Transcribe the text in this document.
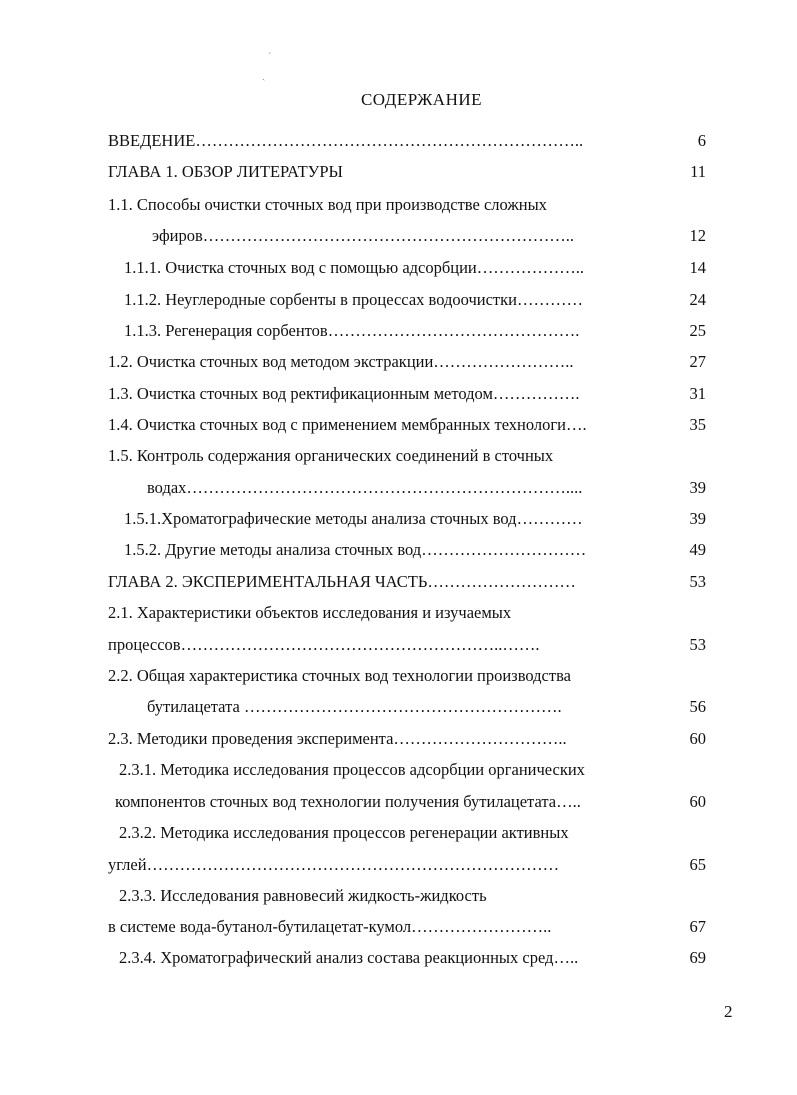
СОДЕРЖАНИЕ
ВВЕДЕНИЕ……………………………………………………………..	6
ГЛАВА 1. ОБЗОР ЛИТЕРАТУРЫ	11
1.1. Способы очистки сточных вод при производстве сложных
эфиров…………………………………………………………..	12
1.1.1. Очистка сточных вод с помощью адсорбции………………..	14
1.1.2. Неуглеродные сорбенты в процессах водоочистки…………	24
1.1.3. Регенерация сорбентов……………………………………….	25
1.2. Очистка сточных вод методом экстракции……………………..	27
1.3. Очистка сточных вод ректификационным методом…………….	31
1.4. Очистка сточных вод с применением мембранных технологи….	35
1.5. Контроль содержания органических соединений в сточных
водах……………………………………………………………....	39
1.5.1.Хроматографические методы анализа сточных вод…………	39
1.5.2. Другие методы анализа сточных вод…………………………	49
ГЛАВА 2. ЭКСПЕРИМЕНТАЛЬНАЯ ЧАСТЬ………………………	53
2.1. Характеристики объектов исследования и изучаемых
процессов…………………………………………………..…….	53
2.2. Общая характеристика сточных вод технологии производства
бутилацетата ………………………………………………….	56
2.3. Методики проведения эксперимента…………………………..	60
2.3.1. Методика исследования процессов адсорбции органических
компонентов сточных вод технологии получения бутилацетата…..	60
2.3.2. Методика исследования процессов регенерации активных
углей…………………………………………………………………	65
2.3.3. Исследования равновесий жидкость-жидкость
в системе вода-бутанол-бутилацетат-кумол……………………..	67
2.3.4. Хроматографический анализ состава реакционных сред…..	69
ˊ
ˎ
2
